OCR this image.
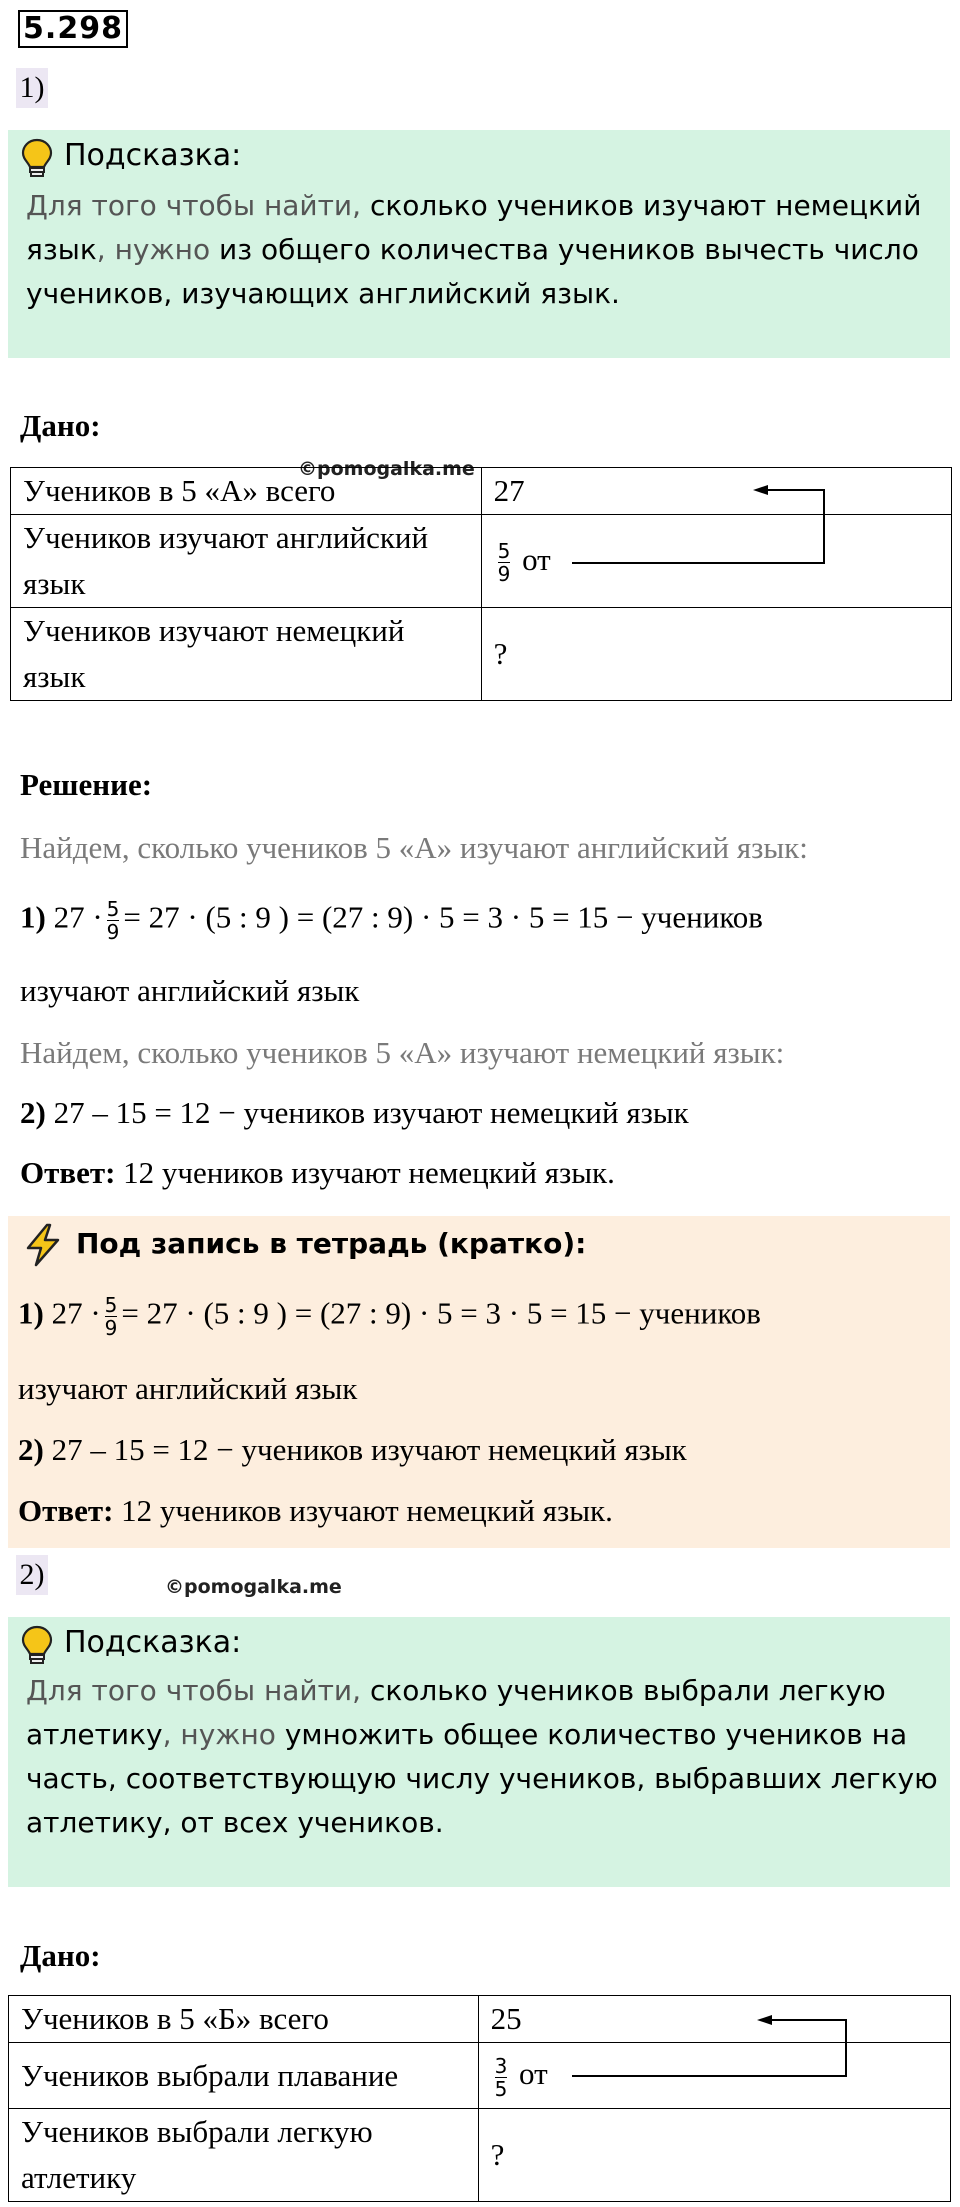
5.298
1)
Подсказка:
Для того чтобы найти, сколько учеников изучают немецкий язык, нужно из общего количества учеников вычесть число учеников, изучающих английский язык.
Дано:
©pomogalka.me
Учеников в 5 «А» всего	27
Учеников изучают английский язык	$\frac{5}{9}$ от
Учеников изучают немецкий язык	?
Решение:
Найдем, сколько учеников 5 «А» изучают английский язык:
1) $27 \cdot \frac{5}{9} = 27 \cdot (5$ : 9 ) = (27 : 9) · 5 = 3 · 5 = 15 − учеников
изучают английский язык
Найдем, сколько учеников 5 «А» изучают немецкий язык:
2) 27 – 15 = 12 − учеников изучают немецкий язык
Ответ: 12 учеников изучают немецкий язык.
Под запись в тетрадь (кратко):
1) $27 \cdot \frac{5}{9} = 27 \cdot (5$ : 9 ) = (27 : 9) · 5 = 3 · 5 = 15 − учеников
изучают английский язык
2) 27 – 15 = 12 − учеников изучают немецкий язык
Ответ: 12 учеников изучают немецкий язык.
2)	©pomogalka.me
Подсказка:
Для того чтобы найти, сколько учеников выбрали легкую атлетику, нужно умножить общее количество учеников на часть, соответствующую числу учеников, выбравших легкую атлетику, от всех учеников.
Дано:
Учеников в 5 «Б» всего	25
Учеников выбрали плавание	$\frac{3}{5}$ от
Учеников выбрали легкую атлетику	?
